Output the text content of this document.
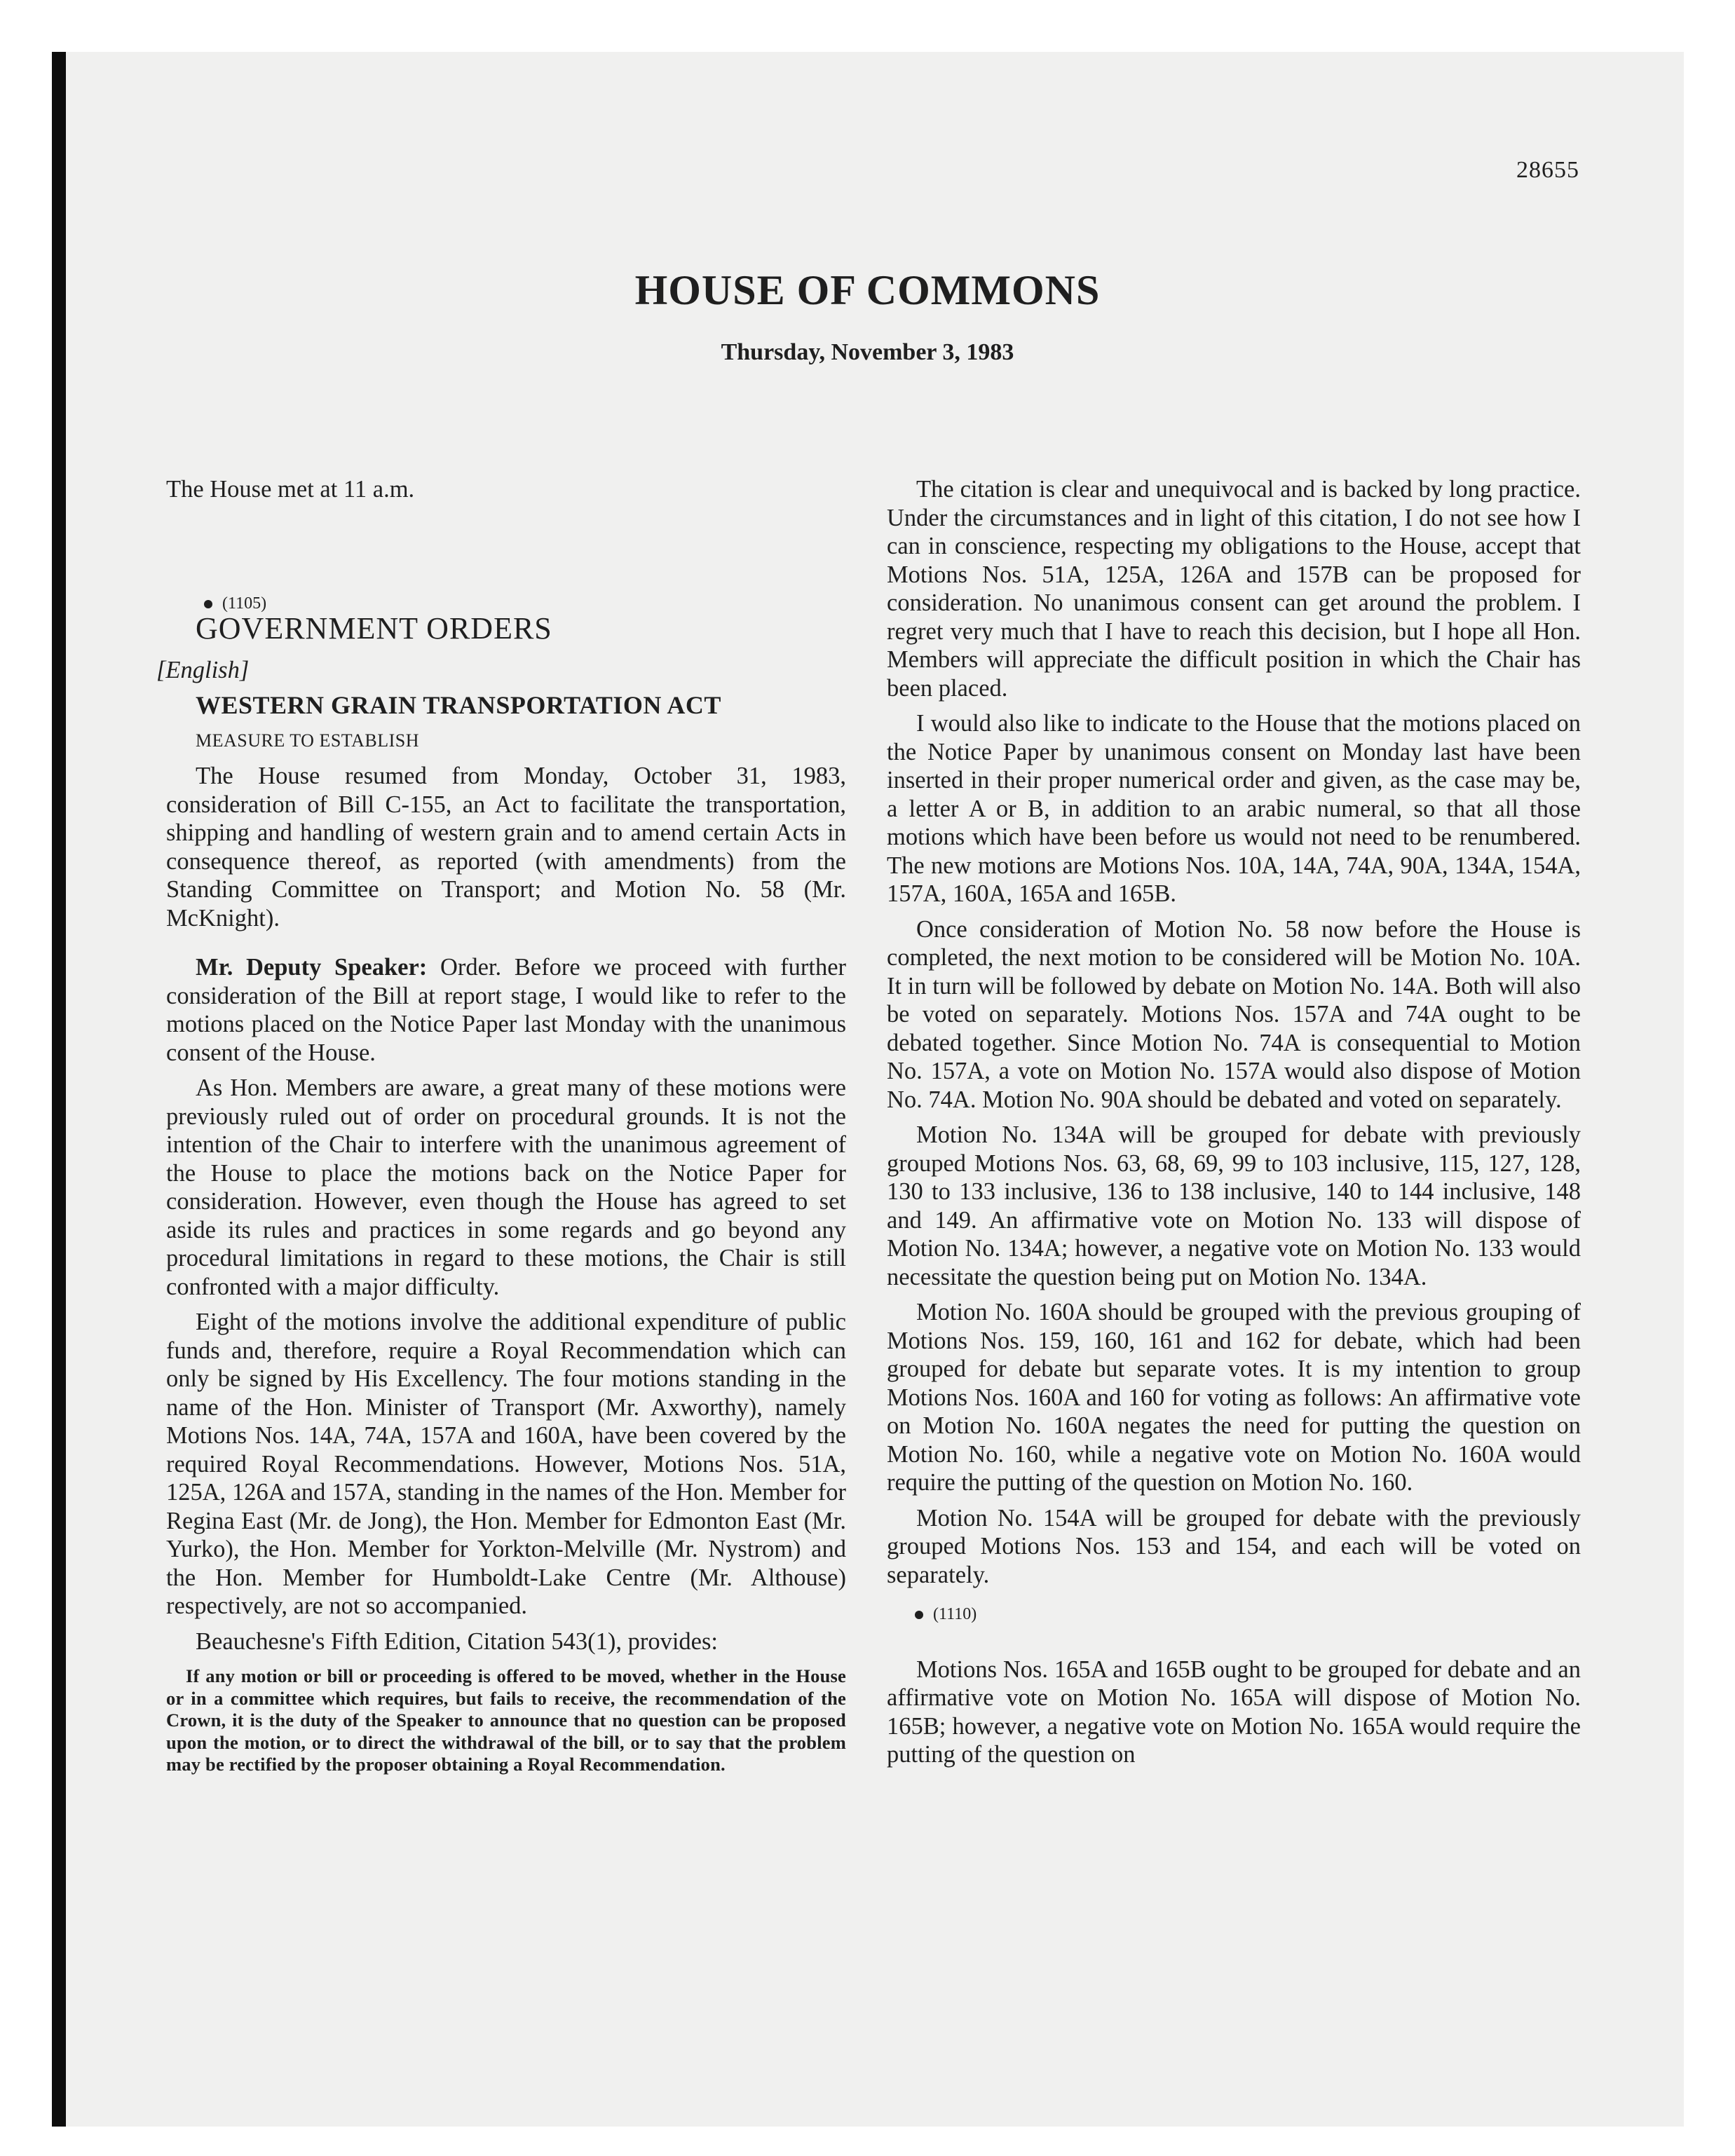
28655
HOUSE OF COMMONS
Thursday, November 3, 1983

The House met at 11 a.m.

(1105)

GOVERNMENT ORDERS

[English]

WESTERN GRAIN TRANSPORTATION ACT

MEASURE TO ESTABLISH

The House resumed from Monday, October 31, 1983, consideration of Bill C-155, an Act to facilitate the transportation, shipping and handling of western grain and to amend certain Acts in consequence thereof, as reported (with amendments) from the Standing Committee on Transport; and Motion No. 58 (Mr. McKnight).

Mr. Deputy Speaker: Order. Before we proceed with further consideration of the Bill at report stage, I would like to refer to the motions placed on the Notice Paper last Monday with the unanimous consent of the House.

As Hon. Members are aware, a great many of these motions were previously ruled out of order on procedural grounds. It is not the intention of the Chair to interfere with the unanimous agreement of the House to place the motions back on the Notice Paper for consideration. However, even though the House has agreed to set aside its rules and practices in some regards and go beyond any procedural limitations in regard to these motions, the Chair is still confronted with a major difficulty.

Eight of the motions involve the additional expenditure of public funds and, therefore, require a Royal Recommendation which can only be signed by His Excellency. The four motions standing in the name of the Hon. Minister of Transport (Mr. Axworthy), namely Motions Nos. 14A, 74A, 157A and 160A, have been covered by the required Royal Recommendations. However, Motions Nos. 51A, 125A, 126A and 157A, standing in the names of the Hon. Member for Regina East (Mr. de Jong), the Hon. Member for Edmonton East (Mr. Yurko), the Hon. Member for Yorkton-Melville (Mr. Nystrom) and the Hon. Member for Humboldt-Lake Centre (Mr. Althouse) respectively, are not so accompanied.

Beauchesne's Fifth Edition, Citation 543(1), provides:

If any motion or bill or proceeding is offered to be moved, whether in the House or in a committee which requires, but fails to receive, the recommendation of the Crown, it is the duty of the Speaker to announce that no question can be proposed upon the motion, or to direct the withdrawal of the bill, or to say that the problem may be rectified by the proposer obtaining a Royal Recommendation.

The citation is clear and unequivocal and is backed by long practice. Under the circumstances and in light of this citation, I do not see how I can in conscience, respecting my obligations to the House, accept that Motions Nos. 51A, 125A, 126A and 157B can be proposed for consideration. No unanimous consent can get around the problem. I regret very much that I have to reach this decision, but I hope all Hon. Members will appreciate the difficult position in which the Chair has been placed.

I would also like to indicate to the House that the motions placed on the Notice Paper by unanimous consent on Monday last have been inserted in their proper numerical order and given, as the case may be, a letter A or B, in addition to an arabic numeral, so that all those motions which have been before us would not need to be renumbered. The new motions are Motions Nos. 10A, 14A, 74A, 90A, 134A, 154A, 157A, 160A, 165A and 165B.

Once consideration of Motion No. 58 now before the House is completed, the next motion to be considered will be Motion No. 10A. It in turn will be followed by debate on Motion No. 14A. Both will also be voted on separately. Motions Nos. 157A and 74A ought to be debated together. Since Motion No. 74A is consequential to Motion No. 157A, a vote on Motion No. 157A would also dispose of Motion No. 74A. Motion No. 90A should be debated and voted on separately.

Motion No. 134A will be grouped for debate with previously grouped Motions Nos. 63, 68, 69, 99 to 103 inclusive, 115, 127, 128, 130 to 133 inclusive, 136 to 138 inclusive, 140 to 144 inclusive, 148 and 149. An affirmative vote on Motion No. 133 will dispose of Motion No. 134A; however, a negative vote on Motion No. 133 would necessitate the question being put on Motion No. 134A.

Motion No. 160A should be grouped with the previous grouping of Motions Nos. 159, 160, 161 and 162 for debate, which had been grouped for debate but separate votes. It is my intention to group Motions Nos. 160A and 160 for voting as follows: An affirmative vote on Motion No. 160A negates the need for putting the question on Motion No. 160, while a negative vote on Motion No. 160A would require the putting of the question on Motion No. 160.

Motion No. 154A will be grouped for debate with the previously grouped Motions Nos. 153 and 154, and each will be voted on separately.

(1110)

Motions Nos. 165A and 165B ought to be grouped for debate and an affirmative vote on Motion No. 165A will dispose of Motion No. 165B; however, a negative vote on Motion No. 165A would require the putting of the question on
